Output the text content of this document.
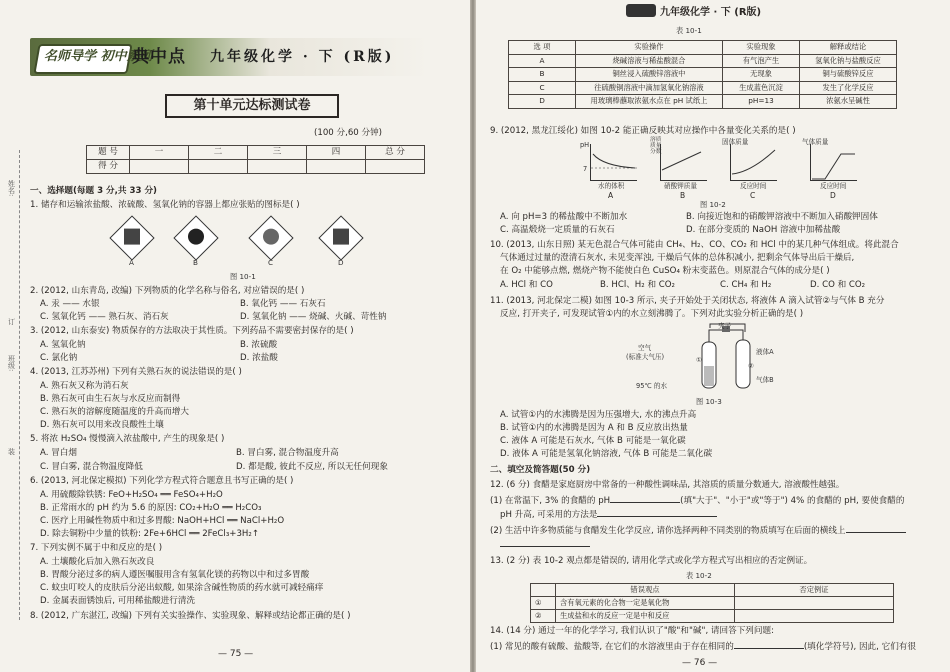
名师导学 初中系列
典中点 九年级化学 · 下 (R版)
第十单元达标测试卷
(100 分,60 分钟)
题 号	一	二	三	四	总 分
得 分					
姓名:
订
班级:
装
一、选择题(每题 3 分,共 33 分)
1. 储存和运输浓盐酸、浓硫酸、氢氧化钠的容器上都应张贴的图标是( )
A	B	C	D
图 10-1
2. (2012, 山东青岛, 改编) 下列物质的化学名称与俗名, 对应错误的是( )
A. 汞 —— 水银	B. 氧化钙 —— 石灰石
C. 氢氧化钙 —— 熟石灰、消石灰	D. 氢氧化钠 —— 烧碱、火碱、苛性钠
3. (2012, 山东泰安) 物质保存的方法取决于其性质。下列药品不需要密封保存的是( )
A. 氢氧化钠	B. 浓硫酸
C. 氯化钠	D. 浓盐酸
4. (2013, 江苏苏州) 下列有关熟石灰的说法错误的是( )
A. 熟石灰又称为消石灰
B. 熟石灰可由生石灰与水反应而制得
C. 熟石灰的溶解度随温度的升高而增大
D. 熟石灰可以用来改良酸性土壤
5. 将浓 H₂SO₄ 慢慢滴入浓盐酸中, 产生的现象是( )
A. 冒白烟	B. 冒白雾, 混合物温度升高
C. 冒白雾, 混合物温度降低	D. 都是酸, 彼此不反应, 所以无任何现象
6. (2013, 河北保定模拟) 下列化学方程式符合题意且书写正确的是( )
A. 用硫酸除铁锈: FeO+H₂SO₄ ══ FeSO₄+H₂O
B. 正常雨水的 pH 约为 5.6 的原因: CO₂+H₂O ══ H₂CO₃
C. 医疗上用碱性物质中和过多胃酸: NaOH+HCl ══ NaCl+H₂O
D. 除去铜粉中少量的铁粉: 2Fe+6HCl ══ 2FeCl₃+3H₂↑
7. 下列实例不属于中和反应的是( )
A. 土壤酸化后加入熟石灰改良
B. 胃酸分泌过多的病人遵医嘱服用含有氢氧化镁的药物以中和过多胃酸
C. 蚊虫叮咬人的皮肤后分泌出蚁酸, 如果涂含碱性物质的药水就可减轻痛痒
D. 金属表面锈蚀后, 可用稀盐酸进行清洗
8. (2012, 广东湛江, 改编) 下列有关实验操作、实验现象、解释或结论都正确的是( )
— 75 —
九年级化学 · 下 (R版)
表 10-1
选 项	实验操作	实验现象	解释或结论
A	烧碱溶液与稀盐酸混合	有气泡产生	氢氧化钠与盐酸反应
B	铜丝浸入硫酸锌溶液中	无现象	铜与硫酸锌反应
C	往硫酸铜溶液中滴加氢氧化钠溶液	生成蓝色沉淀	发生了化学反应
D	用玻璃棒蘸取浓氨水点在 pH 试纸上	pH=13	浓氨水呈碱性
9. (2012, 黑龙江绥化) 如图 10-2 能正确反映其对应操作中各量变化关系的是( )
pH
7
水的体积
溶质质量分数
硝酸钾质量
固体质量
反应时间
气体质量
反应时间
A	B	C	D
图 10-2
A. 向 pH=3 的稀盐酸中不断加水	B. 向接近饱和的硝酸钾溶液中不断加入硝酸钾固体
C. 高温煅烧一定质量的石灰石	D. 在部分变质的 NaOH 溶液中加稀盐酸
10. (2013, 山东日照) 某无色混合气体可能由 CH₄、H₂、CO、CO₂ 和 HCl 中的某几种气体组成。将此混合
气体通过过量的澄清石灰水, 未见变浑浊, 干燥后气体的总体积减小, 把剩余气体导出后干燥后,
在 O₂ 中能够点燃, 燃烧产物不能使白色 CuSO₄ 粉末变蓝色。则原混合气体的成分是( )
A. HCl 和 CO	B. HCl、H₂ 和 CO₂	C. CH₄ 和 H₂	D. CO 和 CO₂
11. (2013, 河北保定二模) 如图 10-3 所示, 夹子开始处于关闭状态, 将液体 A 滴入试管②与气体 B 充分
反应, 打开夹子, 可发现试管①内的水立刻沸腾了。下列对此实验分析正确的是( )
夹子
空气
(标准大气压)
液体A
气体B
95℃ 的水
①
②
图 10-3
A. 试管①内的水沸腾是因为压强增大, 水的沸点升高
B. 试管①内的水沸腾是因为 A 和 B 反应放出热量
C. 液体 A 可能是石灰水, 气体 B 可能是一氧化碳
D. 液体 A 可能是氢氧化钠溶液, 气体 B 可能是二氧化碳
二、填空及简答题(50 分)
12. (6 分) 食醋是家庭厨房中常备的一种酸性调味品, 其溶质的质量分数通大, 溶液酸性越强。
(1) 在常温下, 3% 的食醋的 pH	(填"大于"、"小于"或"等于") 4% 的食醋的 pH, 要使食醋的
pH 升高, 可采用的方法是
(2) 生活中许多物质能与食醋发生化学反应, 请你选择两种不同类别的物质填写在后面的横线上
13. (2 分) 表 10-2 观点都是错误的, 请用化学式或化学方程式写出相应的否定例证。
表 10-2
	错误观点	否定例证
①	含有氧元素的化合物一定是氧化物	
②	生成盐和水的反应一定是中和反应	
14. (14 分) 通过一年的化学学习, 我们认识了"酸"和"碱", 请回答下列问题:
(1) 常见的酸有硫酸、盐酸等, 在它们的水溶液里由于存在相同的	(填化学符号), 因此, 它们有很
— 76 —
